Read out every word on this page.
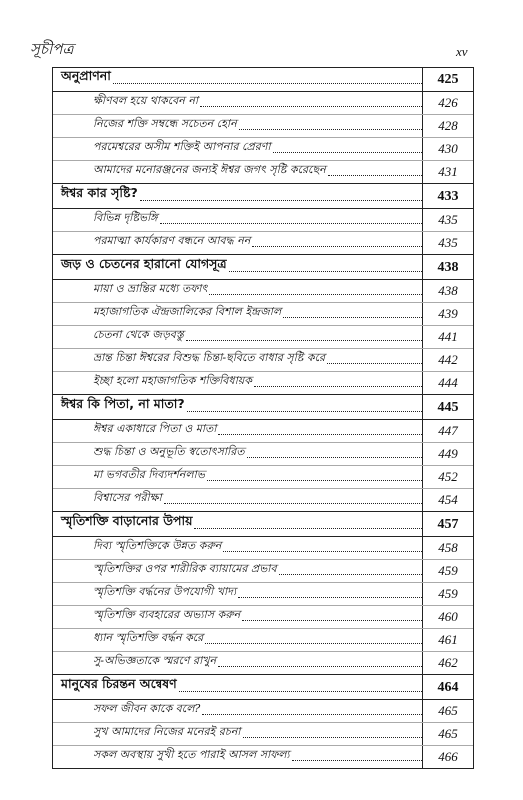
সূচীপত্র	xv
অনুপ্রাণনা	425
ক্ষীণবল হয়ে থাকবেন না	426
নিজের শক্তি সম্বন্ধে সচেতন হোন	428
পরমেশ্বরের অসীম শক্তিই আপনার প্রেরণা	430
আমাদের মনোরঞ্জনের জন্যই ঈশ্বর জগৎ সৃষ্টি করেছেন	431
ঈশ্বর কার সৃষ্টি?	433
বিভিন্ন দৃষ্টিভঙ্গি	435
পরমাত্মা কার্যকারণ বন্ধনে আবদ্ধ নন	435
জড় ও চেতনের হারানো যোগসূত্র	438
মায়া ও ভ্রান্তির মধ্যে তফাৎ	438
মহাজাগতিক ঐন্দ্রজালিকের বিশাল ইন্দ্রজাল	439
চেতনা থেকে জড়বস্তু	441
ভ্রান্ত চিন্তা ঈশ্বরের বিশুদ্ধ চিন্তা-ছবিতে বাধার সৃষ্টি করে	442
ইচ্ছা হলো মহাজাগতিক শক্তিবিধায়ক	444
ঈশ্বর কি পিতা, না মাতা?	445
ঈশ্বর একাধারে পিতা ও মাতা	447
শুদ্ধ চিন্তা ও অনুভূতি স্বতোৎসারিত	449
মা ভগবতীর দিব্যদর্শনলাভ	452
বিশ্বাসের পরীক্ষা	454
স্মৃতিশক্তি বাড়ানোর উপায়	457
দিব্য স্মৃতিশক্তিকে উন্নত করুন	458
স্মৃতিশক্তির ওপর শারীরিক ব্যায়ামের প্রভাব	459
স্মৃতিশক্তি বর্দ্ধনের উপযোগী খাদ্য	459
স্মৃতিশক্তি ব্যবহারের অভ্যাস করুন	460
ধ্যান স্মৃতিশক্তি বর্দ্ধন করে	461
সু-অভিজ্ঞতাকে স্মরণে রাখুন	462
মানুষের চিরন্তন অন্বেষণ	464
সফল জীবন কাকে বলে?	465
সুখ আমাদের নিজের মনেরই রচনা	465
সকল অবস্থায় সুখী হতে পারাই আসল সাফল্য	466
